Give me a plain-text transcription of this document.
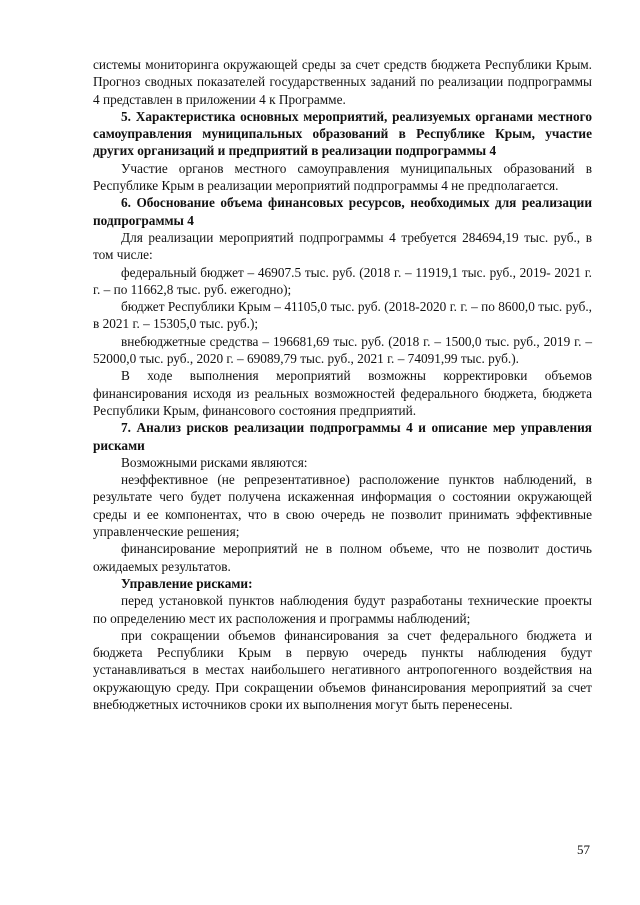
системы мониторинга окружающей среды за счет средств бюджета Республики Крым. Прогноз сводных показателей государственных заданий по реализации подпрограммы 4 представлен в приложении 4 к Программе.

5. Характеристика основных мероприятий, реализуемых органами местного самоуправления муниципальных образований в Республике Крым, участие других организаций и предприятий в реализации подпрограммы 4

Участие органов местного самоуправления муниципальных образований в Республике Крым в реализации мероприятий подпрограммы 4 не предполагается.

6. Обоснование объема финансовых ресурсов, необходимых для реализации подпрограммы 4

Для реализации мероприятий подпрограммы 4 требуется 284694,19 тыс. руб., в том числе:

федеральный бюджет – 46907.5 тыс. руб. (2018 г. – 11919,1 тыс. руб., 2019- 2021 г. г. – по 11662,8 тыс. руб. ежегодно);

бюджет Республики Крым – 41105,0 тыс. руб. (2018-2020 г. г. – по 8600,0 тыс. руб., в 2021 г. – 15305,0 тыс. руб.);

внебюджетные средства – 196681,69 тыс. руб. (2018 г. – 1500,0 тыс. руб., 2019 г. – 52000,0 тыс. руб., 2020 г. – 69089,79 тыс. руб., 2021 г. – 74091,99 тыс. руб.).

В ходе выполнения мероприятий возможны корректировки объемов финансирования исходя из реальных возможностей федерального бюджета, бюджета Республики Крым, финансового состояния предприятий.

7. Анализ рисков реализации подпрограммы 4 и описание мер управления рисками

Возможными рисками являются:

неэффективное (не репрезентативное) расположение пунктов наблюдений, в результате чего будет получена искаженная информация о состоянии окружающей среды и ее компонентах, что в свою очередь не позволит принимать эффективные управленческие решения;

финансирование мероприятий не в полном объеме, что не позволит достичь ожидаемых результатов.

Управление рисками:

перед установкой пунктов наблюдения будут разработаны технические проекты по определению мест их расположения и программы наблюдений;

при сокращении объемов финансирования за счет федерального бюджета и бюджета Республики Крым в первую очередь пункты наблюдения будут устанавливаться в местах наибольшего негативного антропогенного воздействия на окружающую среду. При сокращении объемов финансирования мероприятий за счет внебюджетных источников сроки их выполнения могут быть перенесены.

57
